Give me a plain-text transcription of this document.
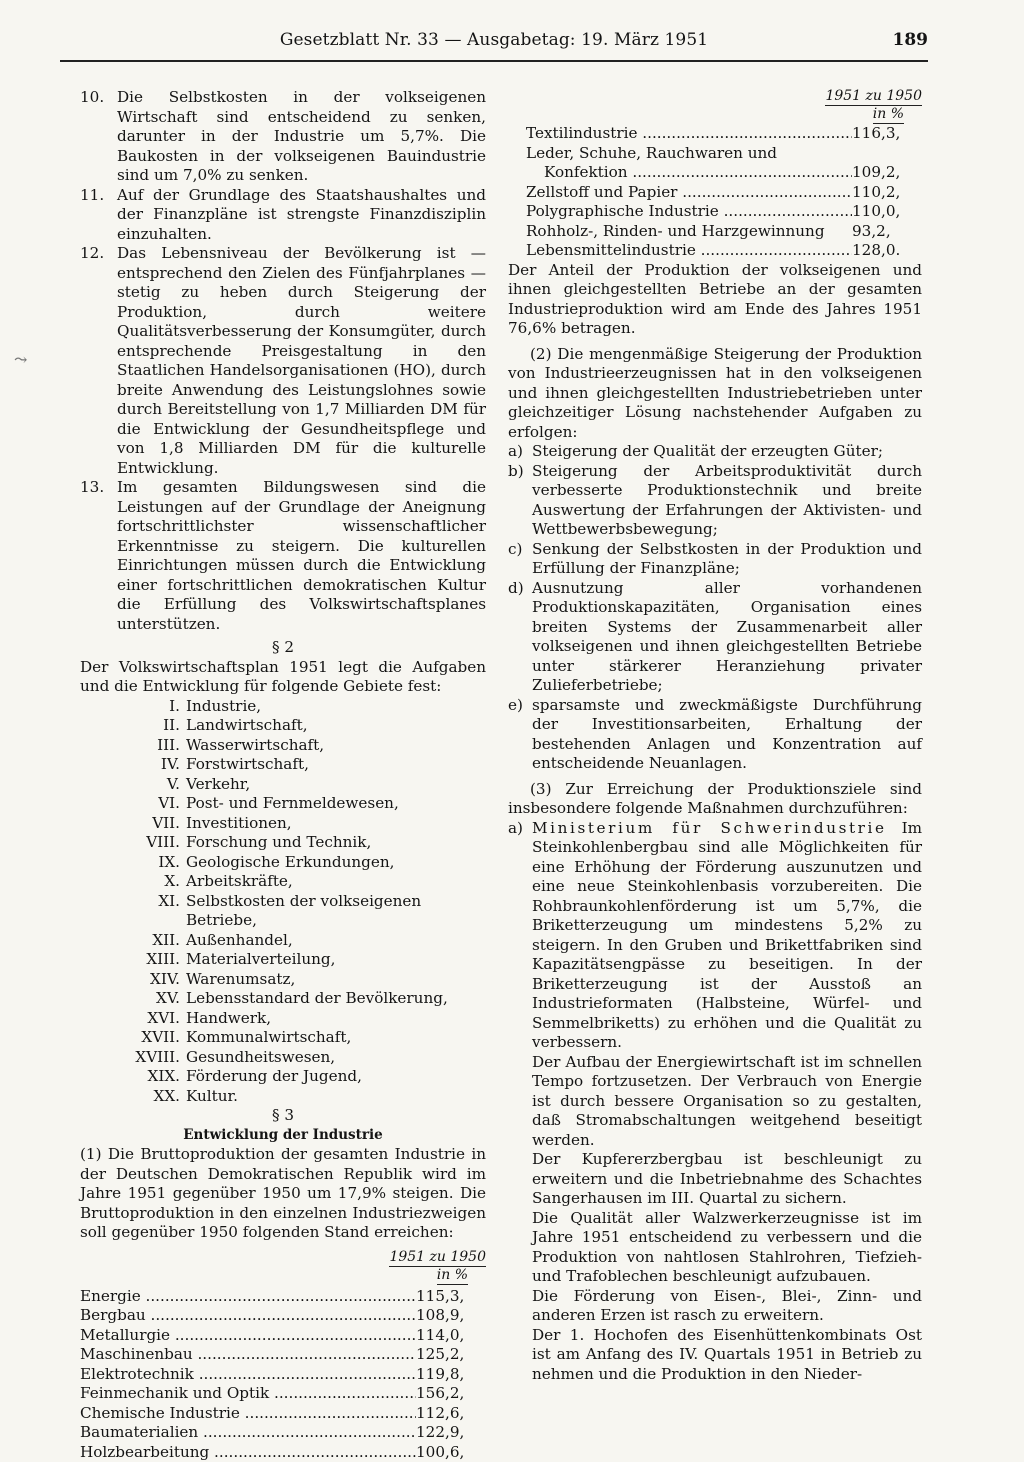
Gesetzblatt Nr. 33 — Ausgabetag: 19. März 1951	189
10. Die Selbstkosten in der volkseigenen Wirtschaft sind entscheidend zu senken, darunter in der Industrie um 5,7%. Die Baukosten in der volkseigenen Bauindustrie sind um 7,0% zu senken.
11. Auf der Grundlage des Staatshaushaltes und der Finanzpläne ist strengste Finanzdisziplin einzuhalten.
12. Das Lebensniveau der Bevölkerung ist — entsprechend den Zielen des Fünfjahrplanes — stetig zu heben durch Steigerung der Produktion, durch weitere Qualitätsverbesserung der Konsumgüter, durch entsprechende Preisgestaltung in den Staatlichen Handelsorganisationen (HO), durch breite Anwendung des Leistungslohnes sowie durch Bereitstellung von 1,7 Milliarden DM für die Entwicklung der Gesundheitspflege und von 1,8 Milliarden DM für die kulturelle Entwicklung.
13. Im gesamten Bildungswesen sind die Leistungen auf der Grundlage der Aneignung fortschrittlichster wissenschaftlicher Erkenntnisse zu steigern. Die kulturellen Einrichtungen müssen durch die Entwicklung einer fortschrittlichen demokratischen Kultur die Erfüllung des Volkswirtschaftsplanes unterstützen.

§ 2

Der Volkswirtschaftsplan 1951 legt die Aufgaben und die Entwicklung für folgende Gebiete fest:

I. Industrie,
II. Landwirtschaft,
III. Wasserwirtschaft,
IV. Forstwirtschaft,
V. Verkehr,
VI. Post- und Fernmeldewesen,
VII. Investitionen,
VIII. Forschung und Technik,
IX. Geologische Erkundungen,
X. Arbeitskräfte,
XI. Selbstkosten der volkseigenen Betriebe,
XII. Außenhandel,
XIII. Materialverteilung,
XIV. Warenumsatz,
XV. Lebensstandard der Bevölkerung,
XVI. Handwerk,
XVII. Kommunalwirtschaft,
XVIII. Gesundheitswesen,
XIX. Förderung der Jugend,
XX. Kultur.

§ 3

Entwicklung der Industrie

(1) Die Bruttoproduktion der gesamten Industrie in der Deutschen Demokratischen Republik wird im Jahre 1951 gegenüber 1950 um 17,9% steigen. Die Bruttoproduktion in den einzelnen Industriezweigen soll gegenüber 1950 folgenden Stand erreichen:

1951 zu 1950
in %
Energie .....	115,3,
Bergbau .....	108,9,
Metallurgie .....	114,0,
Maschinenbau .....	125,2,
Elektrotechnik .....	119,8,
Feinmechanik und Optik .....	156,2,
Chemische Industrie .....	112,6,
Baumaterialien .....	122,9,
Holzbearbeitung .....	100,6,
1951 zu 1950
in %
Textilindustrie .....	116,3,
Leder, Schuhe, Rauchwaren und
Konfektion .....	109,2,
Zellstoff und Papier .....	110,2,
Polygraphische Industrie .....	110,0,
Rohholz-, Rinden- und Harzgewinnung	93,2,
Lebensmittelindustrie .....	128,0.

Der Anteil der Produktion der volkseigenen und ihnen gleichgestellten Betriebe an der gesamten Industrieproduktion wird am Ende des Jahres 1951 76,6% betragen.

(2) Die mengenmäßige Steigerung der Produktion von Industrieerzeugnissen hat in den volkseigenen und ihnen gleichgestellten Industriebetrieben unter gleichzeitiger Lösung nachstehender Aufgaben zu erfolgen:

a) Steigerung der Qualität der erzeugten Güter;
b) Steigerung der Arbeitsproduktivität durch verbesserte Produktionstechnik und breite Auswertung der Erfahrungen der Aktivisten- und Wettbewerbsbewegung;
c) Senkung der Selbstkosten in der Produktion und Erfüllung der Finanzpläne;
d) Ausnutzung aller vorhandenen Produktionskapazitäten, Organisation eines breiten Systems der Zusammenarbeit aller volkseigenen und ihnen gleichgestellten Betriebe unter stärkerer Heranziehung privater Zulieferbetriebe;
e) sparsamste und zweckmäßigste Durchführung der Investitionsarbeiten, Erhaltung der bestehenden Anlagen und Konzentration auf entscheidende Neuanlagen.

(3) Zur Erreichung der Produktionsziele sind insbesondere folgende Maßnahmen durchzuführen:

a) Ministerium für Schwerindustrie Im Steinkohlenbergbau sind alle Möglichkeiten für eine Erhöhung der Förderung auszunutzen und eine neue Steinkohlenbasis vorzubereiten. Die Rohbraunkohlenförderung ist um 5,7%, die Briketterzeugung um mindestens 5,2% zu steigern. In den Gruben und Brikettfabriken sind Kapazitätsengpässe zu beseitigen. In der Briketterzeugung ist der Ausstoß an Industrieformaten (Halbsteine, Würfel- und Semmelbriketts) zu erhöhen und die Qualität zu verbessern.

Der Aufbau der Energiewirtschaft ist im schnellen Tempo fortzusetzen. Der Verbrauch von Energie ist durch bessere Organisation so zu gestalten, daß Stromabschaltungen weitgehend beseitigt werden.

Der Kupfererzbergbau ist beschleunigt zu erweitern und die Inbetriebnahme des Schachtes Sangerhausen im III. Quartal zu sichern.

Die Qualität aller Walzwerkerzeugnisse ist im Jahre 1951 entscheidend zu verbessern und die Produktion von nahtlosen Stahlrohren, Tiefzieh- und Trafoblechen beschleunigt aufzubauen.

Die Förderung von Eisen-, Blei-, Zinn- und anderen Erzen ist rasch zu erweitern.

Der 1. Hochofen des Eisenhüttenkombinats Ost ist am Anfang des IV. Quartals 1951 in Betrieb zu nehmen und die Produktion in den Nieder-

⤳
